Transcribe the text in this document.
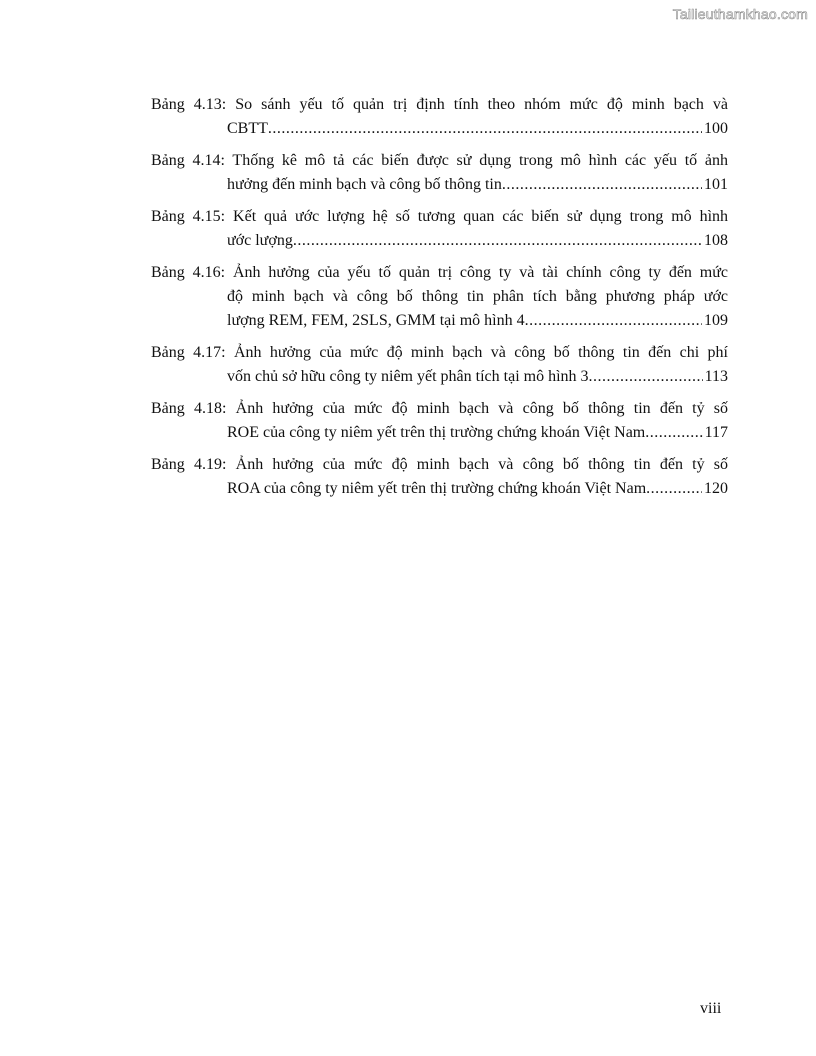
Tailieuthamkhao.com
Bảng 4.13: So sánh yếu tố quản trị định tính theo nhóm mức độ minh bạch và
CBTT .....	100
Bảng 4.14: Thống kê mô tả các biến được sử dụng trong mô hình các yếu tố ảnh
hưởng đến minh bạch và công bố thông tin .....	101
Bảng 4.15: Kết quả ước lượng hệ số tương quan các biến sử dụng trong mô hình
ước lượng .....	108
Bảng 4.16: Ảnh hưởng của yếu tố quản trị công ty và tài chính công ty đến mức
độ minh bạch và công bố thông tin phân tích bằng phương pháp ước
lượng REM, FEM, 2SLS, GMM tại mô hình 4 .....	109
Bảng 4.17: Ảnh hưởng của mức độ minh bạch và công bố thông tin đến chi phí
vốn chủ sở hữu công ty niêm yết phân tích tại mô hình 3 .....	113
Bảng 4.18: Ảnh hưởng của mức độ minh bạch và công bố thông tin đến tỷ số
ROE của công ty niêm yết trên thị trường chứng khoán Việt Nam .....	117
Bảng 4.19: Ảnh hưởng của mức độ minh bạch và công bố thông tin đến tỷ số
ROA của công ty niêm yết trên thị trường chứng khoán Việt Nam .....	120
viii
